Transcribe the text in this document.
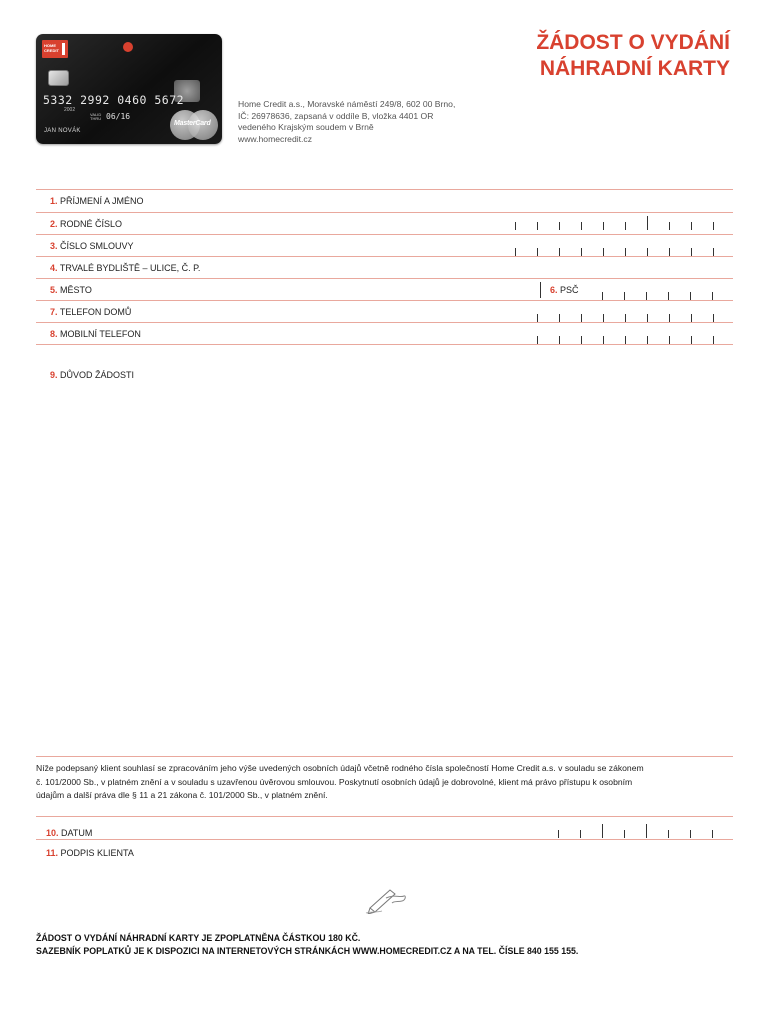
HOME
CREDIT
5332 2992 0460 5672
2002
VALID THRU 06/16
JAN NOVÁK
MasterCard
ŽÁDOST O VYDÁNÍ
NÁHRADNÍ KARTY
Home Credit a.s., Moravské náměstí 249/8, 602 00 Brno,
IČ: 26978636, zapsaná v oddíle B, vložka 4401 OR
vedeného Krajským soudem v Brně
www.homecredit.cz
1. PŘÍJMENÍ A JMÉNO
2. RODNÉ ČÍSLO
3. ČÍSLO SMLOUVY
4. TRVALÉ BYDLIŠTĚ – ULICE, Č. P.
5. MĚSTO	6. PSČ
7. TELEFON DOMŮ
8. MOBILNÍ TELEFON
9. DŮVOD ŽÁDOSTI
Níže podepsaný klient souhlasí se zpracováním jeho výše uvedených osobních údajů včetně rodného čísla společností Home Credit a.s. v souladu se zákonem
č. 101/2000 Sb., v platném znění a v souladu s uzavřenou úvěrovou smlouvou. Poskytnutí osobních údajů je dobrovolné, klient má právo přístupu k osobním
údajům a další práva dle § 11 a 21 zákona č. 101/2000 Sb., v platném znění.
10. DATUM
11. PODPIS KLIENTA
ŽÁDOST O VYDÁNÍ NÁHRADNÍ KARTY JE ZPOPLATNĚNA ČÁSTKOU 180 KČ.
SAZEBNÍK POPLATKŮ JE K DISPOZICI NA INTERNETOVÝCH STRÁNKÁCH WWW.HOMECREDIT.CZ A NA TEL. ČÍSLE 840 155 155.
